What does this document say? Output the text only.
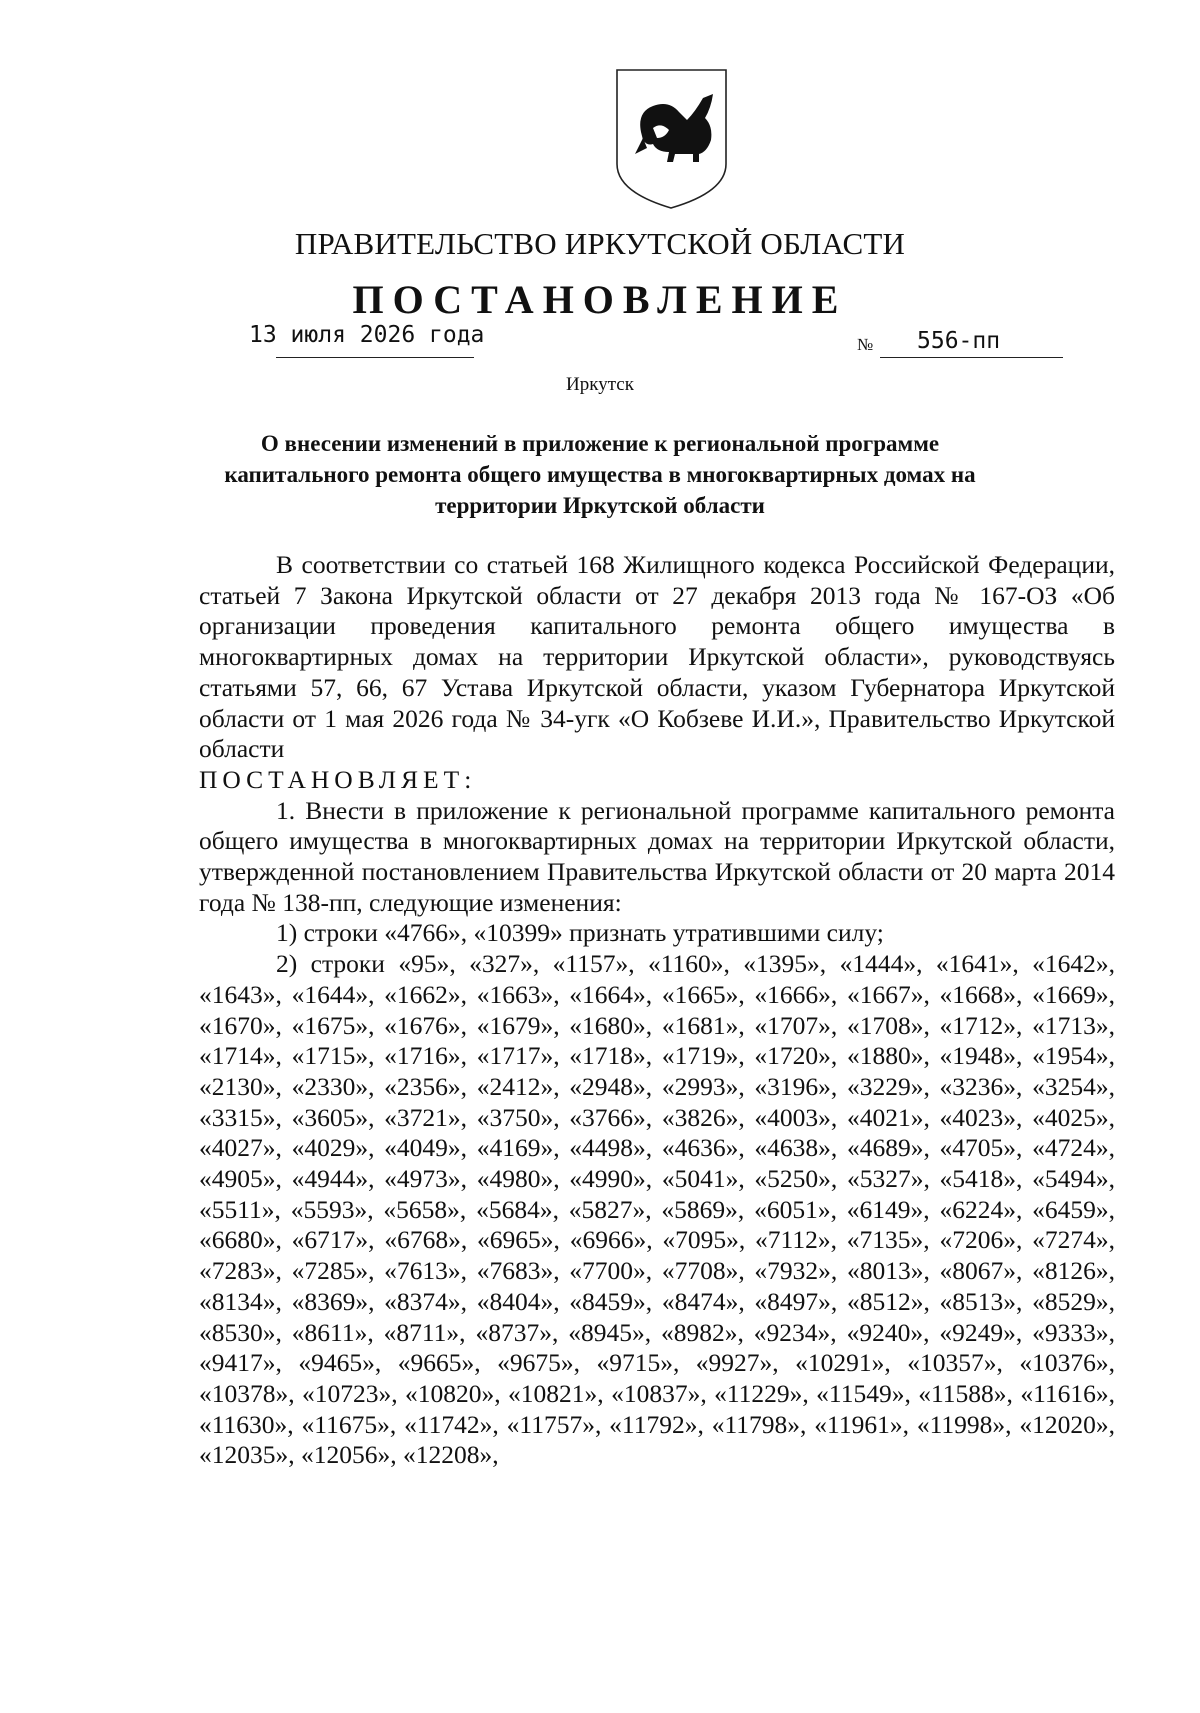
ПРАВИТЕЛЬСТВО ИРКУТСКОЙ ОБЛАСТИ
ПОСТАНОВЛЕНИЕ
13 июля 2026 года	№ 556-пп
Иркутск
О внесении изменений в приложение к региональной программе
капитального ремонта общего имущества в многоквартирных домах на
территории Иркутской области

В соответствии со статьей 168 Жилищного кодекса Российской Федерации, статьей 7 Закона Иркутской области от 27 декабря 2013 года № 167-ОЗ «Об организации проведения капитального ремонта общего имущества в многоквартирных домах на территории Иркутской области», руководствуясь статьями 57, 66, 67 Устава Иркутской области, указом Губернатора Иркутской области от 1 мая 2026 года № 34-угк «О Кобзеве И.И.», Правительство Иркутской области

ПОСТАНОВЛЯЕТ:

1. Внести в приложение к региональной программе капитального ремонта общего имущества в многоквартирных домах на территории Иркутской области, утвержденной постановлением Правительства Иркутской области от 20 марта 2014 года № 138-пп, следующие изменения:

1) строки «4766», «10399» признать утратившими силу;

2) строки «95», «327», «1157», «1160», «1395», «1444», «1641», «1642», «1643», «1644», «1662», «1663», «1664», «1665», «1666», «1667», «1668», «1669», «1670», «1675», «1676», «1679», «1680», «1681», «1707», «1708», «1712», «1713», «1714», «1715», «1716», «1717», «1718», «1719», «1720», «1880», «1948», «1954», «2130», «2330», «2356», «2412», «2948», «2993», «3196», «3229», «3236», «3254», «3315», «3605», «3721», «3750», «3766», «3826», «4003», «4021», «4023», «4025», «4027», «4029», «4049», «4169», «4498», «4636», «4638», «4689», «4705», «4724», «4905», «4944», «4973», «4980», «4990», «5041», «5250», «5327», «5418», «5494», «5511», «5593», «5658», «5684», «5827», «5869», «6051», «6149», «6224», «6459», «6680», «6717», «6768», «6965», «6966», «7095», «7112», «7135», «7206», «7274», «7283», «7285», «7613», «7683», «7700», «7708», «7932», «8013», «8067», «8126», «8134», «8369», «8374», «8404», «8459», «8474», «8497», «8512», «8513», «8529», «8530», «8611», «8711», «8737», «8945», «8982», «9234», «9240», «9249», «9333», «9417», «9465», «9665», «9675», «9715», «9927», «10291», «10357», «10376», «10378», «10723», «10820», «10821», «10837», «11229», «11549», «11588», «11616», «11630», «11675», «11742», «11757», «11792», «11798», «11961», «11998», «12020», «12035», «12056», «12208»,
